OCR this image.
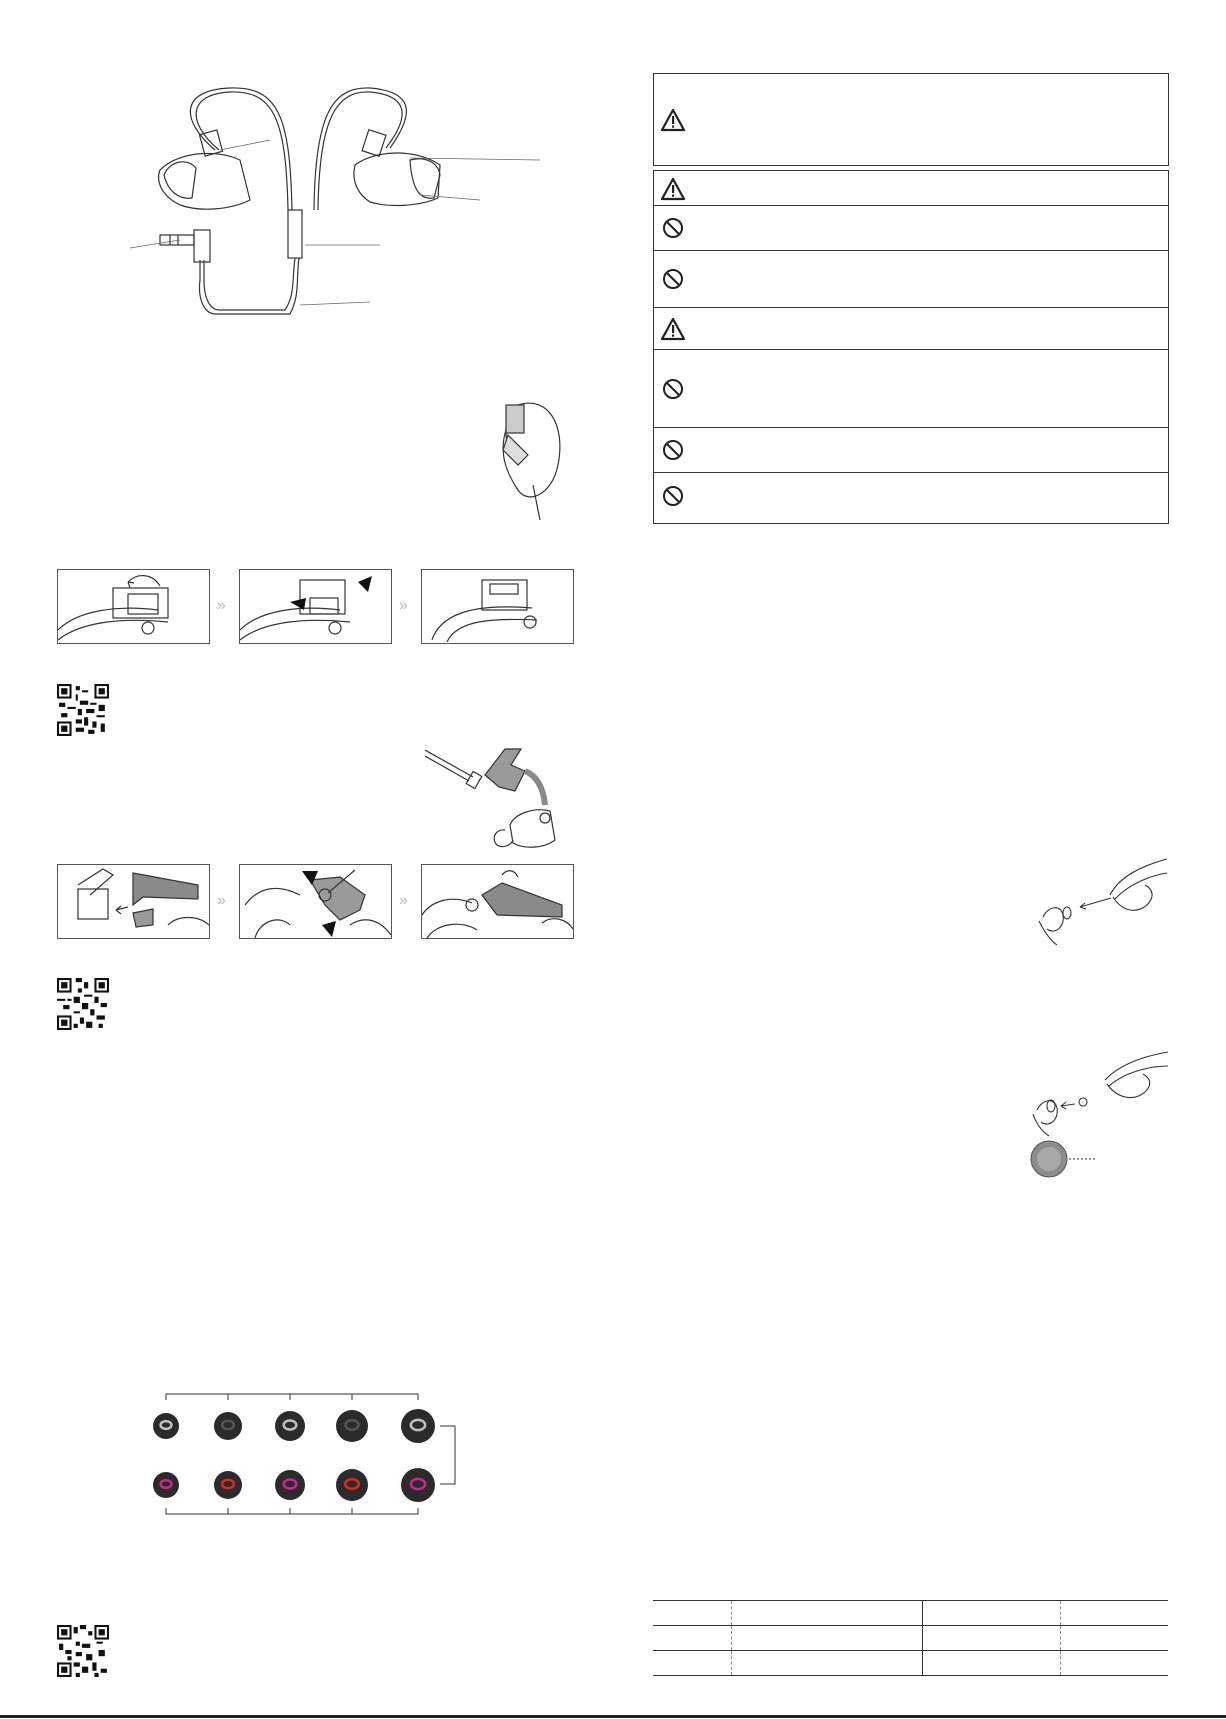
»	»
»	»
